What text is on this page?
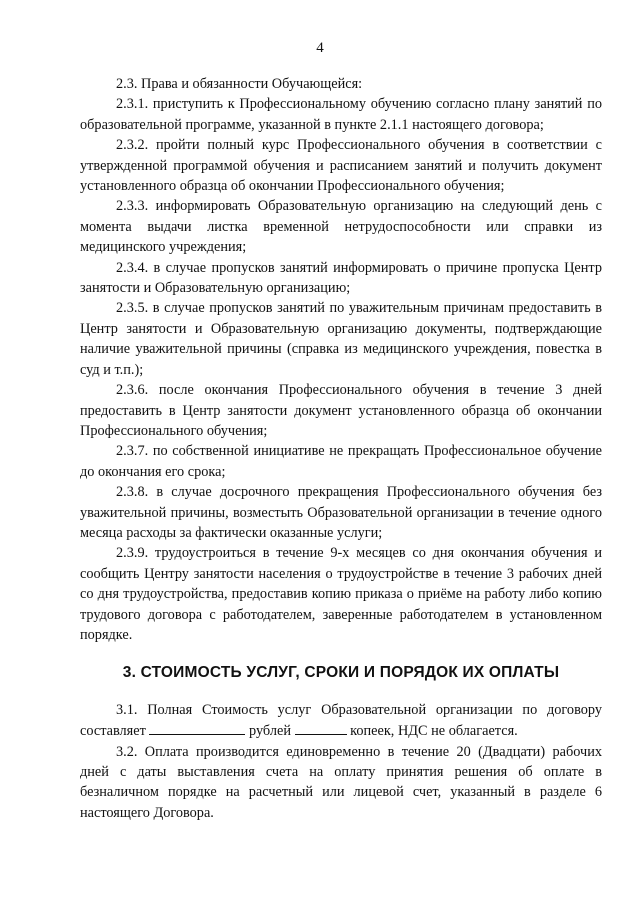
4

2.3. Права и обязанности Обучающейся:

2.3.1. приступить к Профессиональному обучению согласно плану занятий по образовательной программе, указанной в пункте 2.1.1 настоящего договора;

2.3.2. пройти полный курс Профессионального обучения в соответствии с утвержденной программой обучения и расписанием занятий и получить документ установленного образца об окончании Профессионального обучения;

2.3.3. информировать Образовательную организацию на следующий день с момента выдачи листка временной нетрудоспособности или справки из медицинского учреждения;

2.3.4. в случае пропусков занятий информировать о причине пропуска Центр занятости и Образовательную организацию;

2.3.5. в случае пропусков занятий по уважительным причинам предоставить в Центр занятости и Образовательную организацию документы, подтверждающие наличие уважительной причины (справка из медицинского учреждения, повестка в суд и т.п.);

2.3.6. после окончания Профессионального обучения в течение 3 дней предоставить в Центр занятости документ установленного образца об окончании Профессионального обучения;

2.3.7. по собственной инициативе не прекращать Профессиональное обучение до окончания его срока;

2.3.8. в случае досрочного прекращения Профессионального обучения без уважительной причины, возместыть Образовательной организации в течение одного месяца расходы за фактически оказанные услуги;

2.3.9. трудоустроиться в течение 9-х месяцев со дня окончания обучения и сообщить Центру занятости населения о трудоустройстве в течение 3 рабочих дней со дня трудоустройства, предоставив копию приказа о приёме на работу либо копию трудового договора с работодателем, заверенные работодателем в установленном порядке.

3. СТОИМОСТЬ УСЛУГ, СРОКИ И ПОРЯДОК ИХ ОПЛАТЫ

3.1. Полная Стоимость услуг Образовательной организации по договору составляет	рублей	копеек, НДС не облагается.

3.2. Оплата производится единовременно в течение 20 (Двадцати) рабочих дней с даты выставления счета на оплату принятия решения об оплате в безналичном порядке на расчетный или лицевой счет, указанный в разделе 6 настоящего Договора.
